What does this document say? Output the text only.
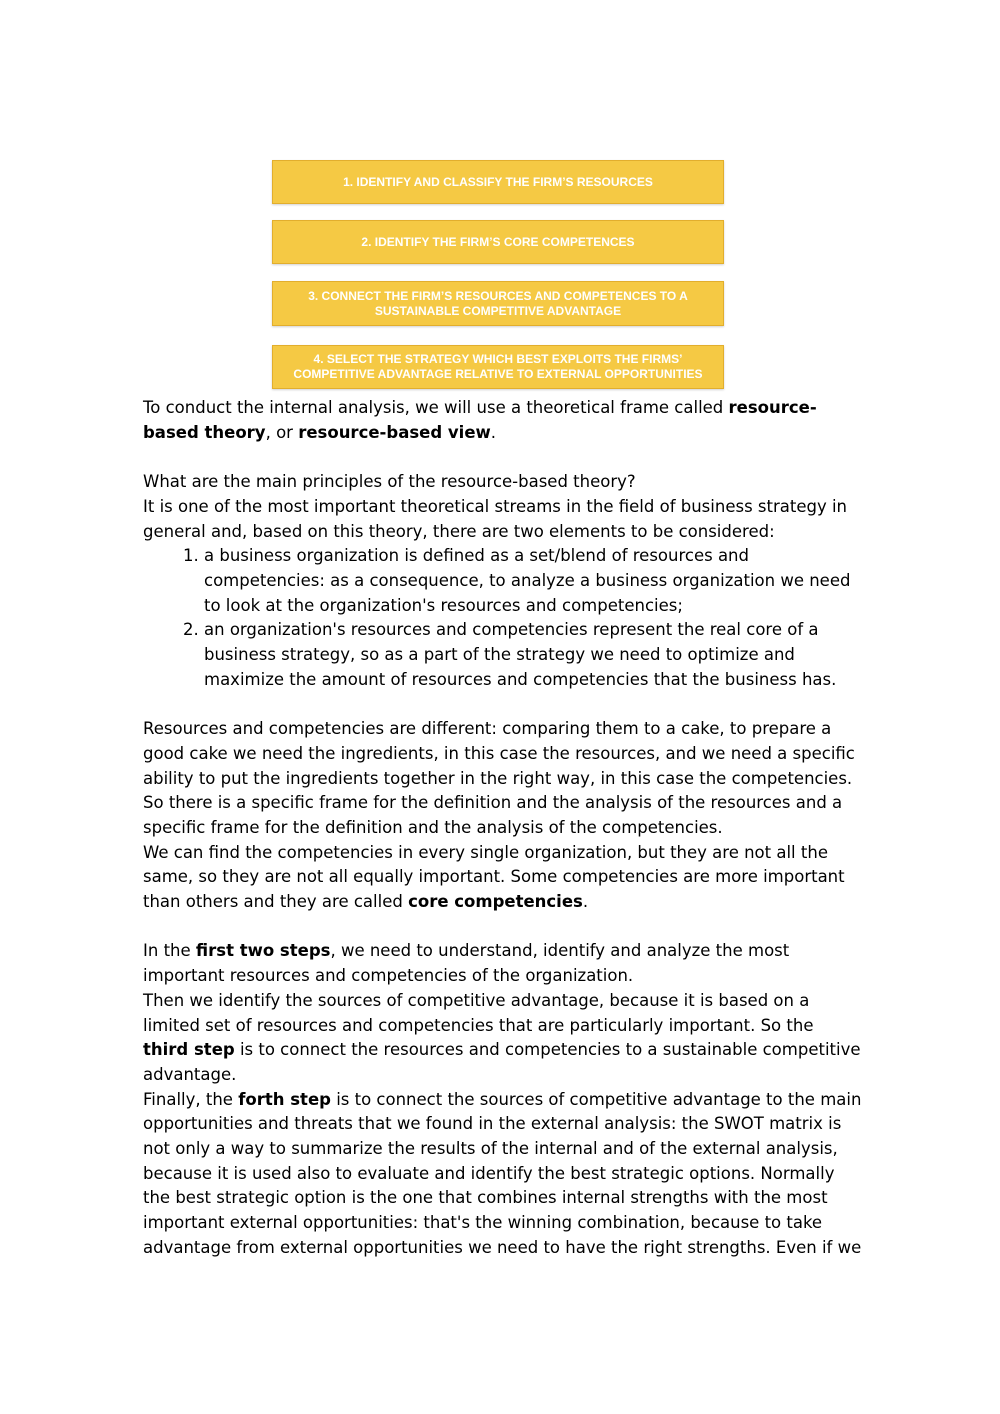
1. IDENTIFY AND CLASSIFY THE FIRM’S RESOURCES
2. IDENTIFY THE FIRM’S CORE COMPETENCES
3. CONNECT THE FIRM’S RESOURCES AND COMPETENCES TO A SUSTAINABLE COMPETITIVE ADVANTAGE
4. SELECT THE STRATEGY WHICH BEST EXPLOITS THE FIRMS’ COMPETITIVE ADVANTAGE RELATIVE TO EXTERNAL OPPORTUNITIES

To conduct the internal analysis, we will use a theoretical frame called resource-based theory, or resource-based view.

What are the main principles of the resource-based theory?

It is one of the most important theoretical streams in the field of business strategy in general and, based on this theory, there are two elements to be considered:

1. a business organization is defined as a set/blend of resources and competencies: as a consequence, to analyze a business organization we need to look at the organization's resources and competencies;
2. an organization's resources and competencies represent the real core of a business strategy, so as a part of the strategy we need to optimize and maximize the amount of resources and competencies that the business has.

Resources and competencies are different: comparing them to a cake, to prepare a good cake we need the ingredients, in this case the resources, and we need a specific ability to put the ingredients together in the right way, in this case the competencies.

So there is a specific frame for the definition and the analysis of the resources and a specific frame for the definition and the analysis of the competencies.

We can find the competencies in every single organization, but they are not all the same, so they are not all equally important. Some competencies are more important than others and they are called core competencies.

In the first two steps, we need to understand, identify and analyze the most important resources and competencies of the organization.

Then we identify the sources of competitive advantage, because it is based on a limited set of resources and competencies that are particularly important. So the third step is to connect the resources and competencies to a sustainable competitive advantage.

Finally, the forth step is to connect the sources of competitive advantage to the main opportunities and threats that we found in the external analysis: the SWOT matrix is not only a way to summarize the results of the internal and of the external analysis, because it is used also to evaluate and identify the best strategic options. Normally the best strategic option is the one that combines internal strengths with the most important external opportunities: that's the winning combination, because to take advantage from external opportunities we need to have the right strengths. Even if we
